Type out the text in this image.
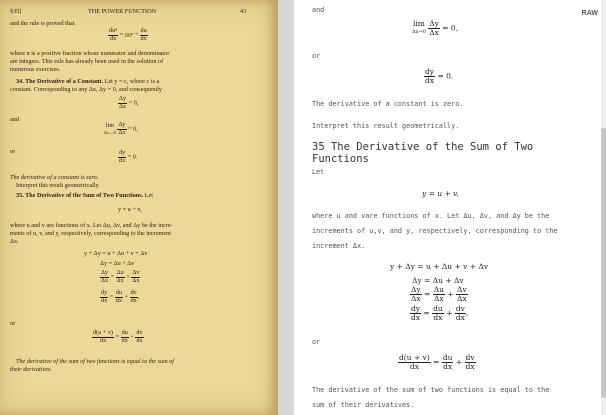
§35]	THE POWER FUNCTION	43
and the rule is proved that
$\frac{\text{duⁿ}}{dx} = nu^{n-1} \frac{du}{dx}$
where n is a positive fraction whose numerator and denominator
are integers. This rule has already been used in the solution of
numerous exercises.
34. The Derivative of a Constant. Let y = c, where c is a
constant. Corresponding to any Δx, Δy = 0, and consequently
$\frac{\Delta y}{\Delta x} = 0$,
and
lim
$\Delta x\to 0 \frac{\Delta y}{\Delta x} = 0$,
or	$\frac{dy}{dx} = 0$.
The derivative of a constant is zero.
Interpret this result geometrically.
35. The Derivative of the Sum of Two Functions. Let
y = u + v,
where u and v are functions of x. Let Δu, Δv, and Δy be the incre-
ments of u, v, and y, respectively, corresponding to the increment
Δx.
y + Δy = u + Δu + v + Δv
Δy = Δu + Δv
$\frac{\Delta y}{\Delta x} = \frac{\Delta u}{\Delta x} + \frac{\Delta v}{\Delta x}$
$\frac{dy}{dx} = \frac{du}{dx} + \frac{dv}{dx}$ ,
or
$\frac{d(u + v)}{dx} = \frac{du}{dx} + \frac{dv}{dx}$
The derivative of the sum of two functions is equal to the sum of
their derivatives.
RAW
and
lim
$\Delta x\to 0 \frac{\Delta y}{\Delta x} = 0$,
or
$\frac{dy}{dx} = 0$.
The derivative of a constant is zero.
Interpret this result geometrically.
35 The Derivative of the Sum of Two Functions
Let
y = u + v,
where u and vare functions of x. Let Δu, Δv, and Δy be the
increments of u,v, and y, respectively, corresponding to the
increment Δx.
y + Δy = u + Δu + v + Δv
Δy = Δu + Δv
$\frac{\Delta y}{\Delta x} = \frac{\Delta u}{\Delta x} + \frac{\Delta v}{\Delta x}$
$\frac{dy}{dx} = \frac{du}{dx} + \frac{dv}{dx}$ ,
or
$\frac{d(u + v)}{dx} = \frac{du}{dx} + \frac{dv}{dx}$
The derivative of the sum of two functions is equal to the
sum of their derivatives.
